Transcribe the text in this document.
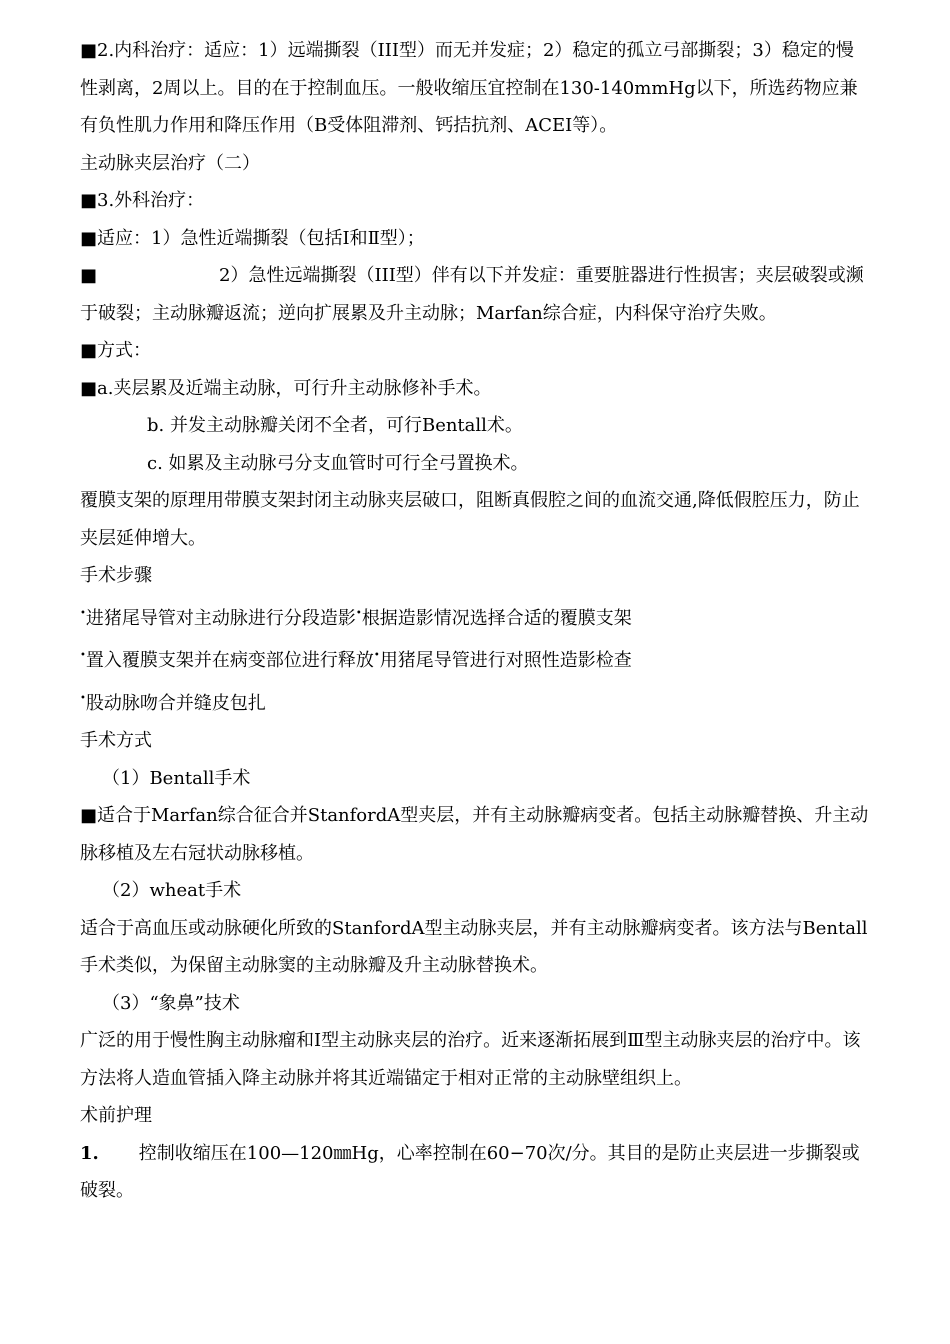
■2.内科治疗：适应：1）远端撕裂（III型）而无并发症；2）稳定的孤立弓部撕裂；3）稳定的慢性剥离，2周以上。目的在于控制血压。一般收缩压宜控制在130-140mmHg以下，所选药物应兼有负性肌力作用和降压作用（Β受体阻滞剂、钙拮抗剂、ACEI等）。

主动脉夹层治疗（二）

■3.外科治疗：

■适应：1）急性近端撕裂（包括Ⅰ和Ⅱ型）；

■	2）急性远端撕裂（III型）伴有以下并发症：重要脏器进行性损害；夹层破裂或濒于破裂；主动脉瓣返流；逆向扩展累及升主动脉；Marfan综合症，内科保守治疗失败。

■方式：

■a.夹层累及近端主动脉，可行升主动脉修补手术。

b. 并发主动脉瓣关闭不全者，可行Bentall术。

c. 如累及主动脉弓分支血管时可行全弓置换术。

覆膜支架的原理用带膜支架封闭主动脉夹层破口，阻断真假腔之间的血流交通,降低假腔压力，防止夹层延伸增大。

手术步骤

•进猪尾导管对主动脉进行分段造影•根据造影情况选择合适的覆膜支架

•置入覆膜支架并在病变部位进行释放•用猪尾导管进行对照性造影检查

•股动脉吻合并缝皮包扎

手术方式

（1）Bentall手术

■适合于Marfan综合征合并StanfordA型夹层，并有主动脉瓣病变者。包括主动脉瓣替换、升主动脉移植及左右冠状动脉移植。

（2）wheat手术

适合于高血压或动脉硬化所致的StanfordA型主动脉夹层，并有主动脉瓣病变者。该方法与Bentall手术类似，为保留主动脉窦的主动脉瓣及升主动脉替换术。

（3）“象鼻”技术

广泛的用于慢性胸主动脉瘤和Ⅰ型主动脉夹层的治疗。近来逐渐拓展到Ⅲ型主动脉夹层的治疗中。该方法将人造血管插入降主动脉并将其近端锚定于相对正常的主动脉壁组织上。

术前护理

1. 控制收缩压在100—120㎜Hg，心率控制在60−70次/分。其目的是防止夹层进一步撕裂或破裂。
